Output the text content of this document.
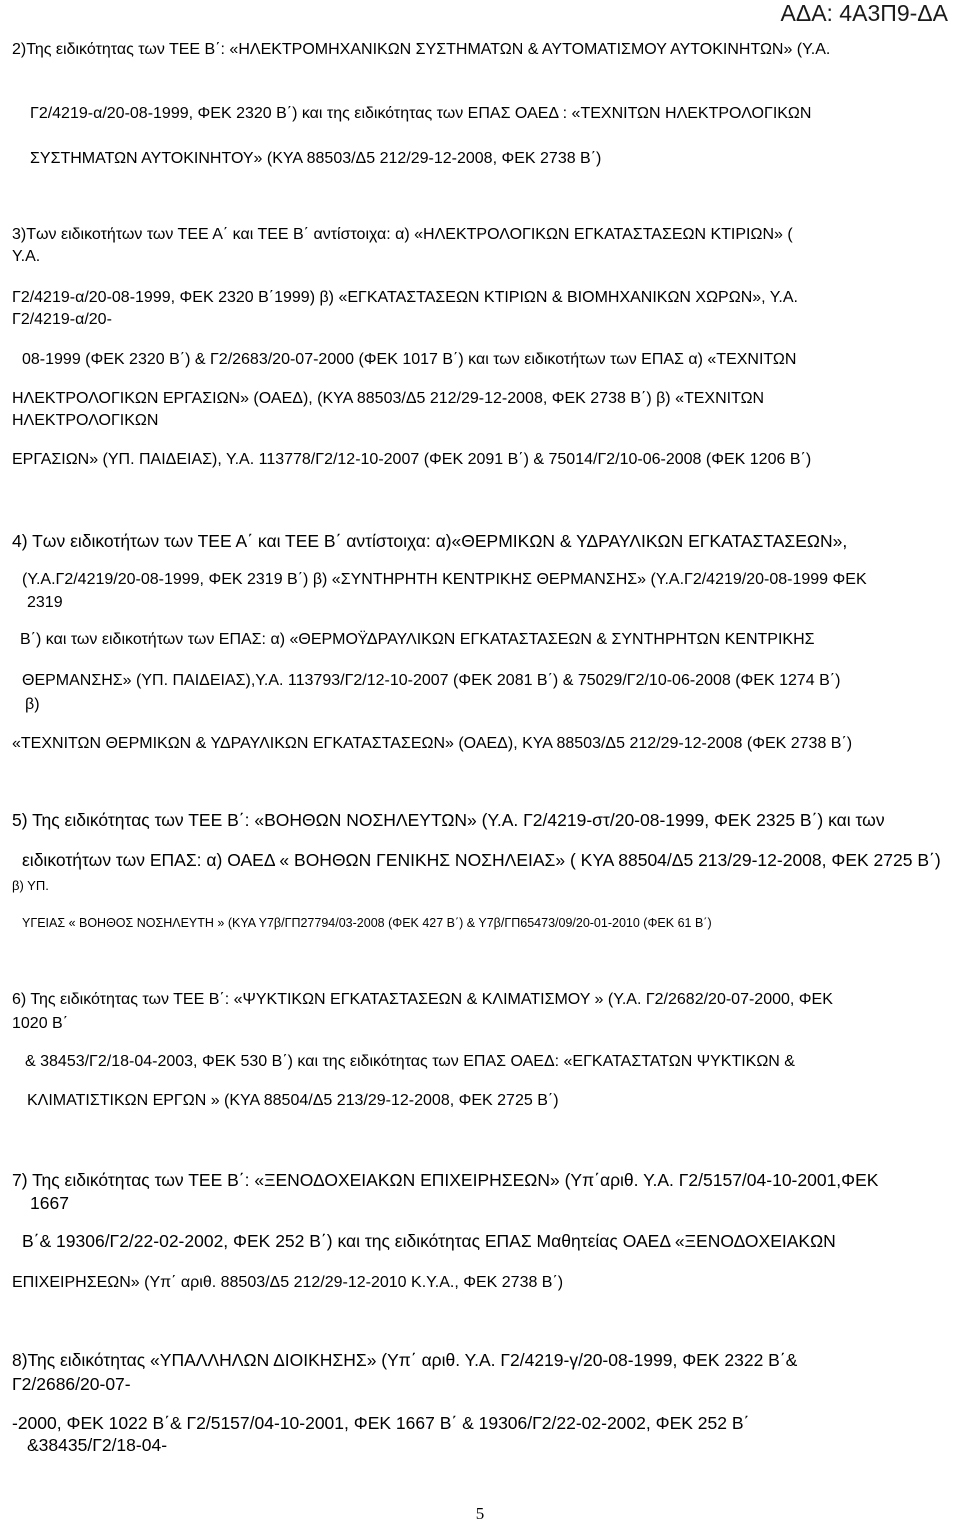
ΑΔΑ: 4Α3Π9-ΔΑ
2)Της ειδικότητας των ΤΕΕ Β΄: «ΗΛΕΚΤΡΟΜΗΧΑΝΙΚΩΝ ΣΥΣΤΗΜΑΤΩΝ & ΑΥΤΟΜΑΤΙΣΜΟΥ ΑΥΤΟΚΙΝΗΤΩΝ» (Υ.Α.
Γ2/4219-α/20-08-1999, ΦΕΚ 2320 Β΄) και της ειδικότητας των ΕΠΑΣ ΟΑΕΔ : «ΤΕΧΝΙΤΩΝ ΗΛΕΚΤΡΟΛΟΓΙΚΩΝ
ΣΥΣΤΗΜΑΤΩΝ ΑΥΤΟΚΙΝΗΤΟΥ» (ΚΥΑ 88503/Δ5 212/29-12-2008, ΦΕΚ 2738 Β΄)
3)Των ειδικοτήτων των ΤΕΕ Α΄ και ΤΕΕ Β΄ αντίστοιχα: α) «ΗΛΕΚΤΡΟΛΟΓΙΚΩΝ ΕΓΚΑΤΑΣΤΑΣΕΩΝ ΚΤΙΡΙΩΝ» (
Υ.Α.
Γ2/4219-α/20-08-1999, ΦΕΚ 2320 Β΄1999) β) «ΕΓΚΑΤΑΣΤΑΣΕΩΝ ΚΤΙΡΙΩΝ & ΒΙΟΜΗΧΑΝΙΚΩΝ ΧΩΡΩΝ», Υ.Α.
Γ2/4219-α/20-
08-1999 (ΦΕΚ 2320 Β΄) & Γ2/2683/20-07-2000 (ΦΕΚ 1017 Β΄) και των ειδικοτήτων των ΕΠΑΣ α) «ΤΕΧΝΙΤΩΝ
ΗΛΕΚΤΡΟΛΟΓΙΚΩΝ ΕΡΓΑΣΙΩΝ» (ΟΑΕΔ), (ΚΥΑ 88503/Δ5 212/29-12-2008, ΦΕΚ 2738 Β΄) β) «ΤΕΧΝΙΤΩΝ
ΗΛΕΚΤΡΟΛΟΓΙΚΩΝ
ΕΡΓΑΣΙΩΝ» (ΥΠ. ΠΑΙΔΕΙΑΣ), Υ.Α. 113778/Γ2/12-10-2007 (ΦΕΚ 2091 Β΄) & 75014/Γ2/10-06-2008 (ΦΕΚ 1206 Β΄)
4) Των ειδικοτήτων των ΤΕΕ Α΄ και ΤΕΕ Β΄ αντίστοιχα: α)«ΘΕΡΜΙΚΩΝ & ΥΔΡΑΥΛΙΚΩΝ ΕΓΚΑΤΑΣΤΑΣΕΩΝ»,
(Υ.Α.Γ2/4219/20-08-1999, ΦΕΚ 2319 Β΄) β) «ΣΥΝΤΗΡΗΤΗ ΚΕΝΤΡΙΚΗΣ ΘΕΡΜΑΝΣΗΣ» (Υ.Α.Γ2/4219/20-08-1999 ΦΕΚ
2319
Β΄) και των ειδικοτήτων των ΕΠΑΣ: α) «ΘΕΡΜΟΫΔΡΑΥΛΙΚΩΝ ΕΓΚΑΤΑΣΤΑΣΕΩΝ & ΣΥΝΤΗΡΗΤΩΝ ΚΕΝΤΡΙΚΗΣ
ΘΕΡΜΑΝΣΗΣ» (ΥΠ. ΠΑΙΔΕΙΑΣ),Υ.Α. 113793/Γ2/12-10-2007 (ΦΕΚ 2081 Β΄) & 75029/Γ2/10-06-2008 (ΦΕΚ 1274 Β΄)
β)
«ΤΕΧΝΙΤΩΝ ΘΕΡΜΙΚΩΝ & ΥΔΡΑΥΛΙΚΩΝ ΕΓΚΑΤΑΣΤΑΣΕΩΝ» (ΟΑΕΔ), ΚΥΑ 88503/Δ5 212/29-12-2008 (ΦΕΚ 2738 Β΄)
5) Της ειδικότητας των ΤΕΕ Β΄: «ΒΟΗΘΩΝ ΝΟΣΗΛΕΥΤΩΝ» (Υ.Α. Γ2/4219-στ/20-08-1999, ΦΕΚ 2325 Β΄) και των
ειδικοτήτων των ΕΠΑΣ: α) ΟΑΕΔ « ΒΟΗΘΩΝ ΓΕΝΙΚΗΣ ΝΟΣΗΛΕΙΑΣ» ( ΚΥΑ 88504/Δ5 213/29-12-2008, ΦΕΚ 2725 Β΄)
β) ΥΠ.
ΥΓΕΙΑΣ « ΒΟΗΘΟΣ ΝΟΣΗΛΕΥΤΗ » (ΚΥΑ Υ7β/ΓΠ27794/03-2008 (ΦΕΚ 427 Β΄) & Υ7β/ΓΠ65473/09/20-01-2010 (ΦΕΚ 61 Β΄)
6) Της ειδικότητας των ΤΕΕ Β΄: «ΨΥΚΤΙΚΩΝ ΕΓΚΑΤΑΣΤΑΣΕΩΝ & ΚΛΙΜΑΤΙΣΜΟΥ » (Υ.Α. Γ2/2682/20-07-2000, ΦΕΚ
1020 Β΄
& 38453/Γ2/18-04-2003, ΦΕΚ 530 Β΄) και της ειδικότητας των ΕΠΑΣ ΟΑΕΔ: «ΕΓΚΑΤΑΣΤΑΤΩΝ ΨΥΚΤΙΚΩΝ &
ΚΛΙΜΑΤΙΣΤΙΚΩΝ ΕΡΓΩΝ » (ΚΥΑ 88504/Δ5 213/29-12-2008, ΦΕΚ 2725 Β΄)
7) Της ειδικότητας των ΤΕΕ Β΄: «ΞΕΝΟΔΟΧΕΙΑΚΩΝ ΕΠΙΧΕΙΡΗΣΕΩΝ» (Υπ΄αριθ. Υ.Α. Γ2/5157/04-10-2001,ΦΕΚ
1667
Β΄& 19306/Γ2/22-02-2002, ΦΕΚ 252 Β΄) και της ειδικότητας ΕΠΑΣ Μαθητείας ΟΑΕΔ «ΞΕΝΟΔΟΧΕΙΑΚΩΝ
ΕΠΙΧΕΙΡΗΣΕΩΝ» (Υπ΄ αριθ. 88503/Δ5 212/29-12-2010 Κ.Υ.Α., ΦΕΚ 2738 Β΄)
8)Της ειδικότητας «ΥΠΑΛΛΗΛΩΝ ΔΙΟΙΚΗΣΗΣ» (Υπ΄ αριθ. Υ.Α. Γ2/4219-γ/20-08-1999, ΦΕΚ 2322 Β΄&
Γ2/2686/20-07-
-2000, ΦΕΚ 1022 Β΄& Γ2/5157/04-10-2001, ΦΕΚ 1667 Β΄ & 19306/Γ2/22-02-2002, ΦΕΚ 252 Β΄
&38435/Γ2/18-04-
5
